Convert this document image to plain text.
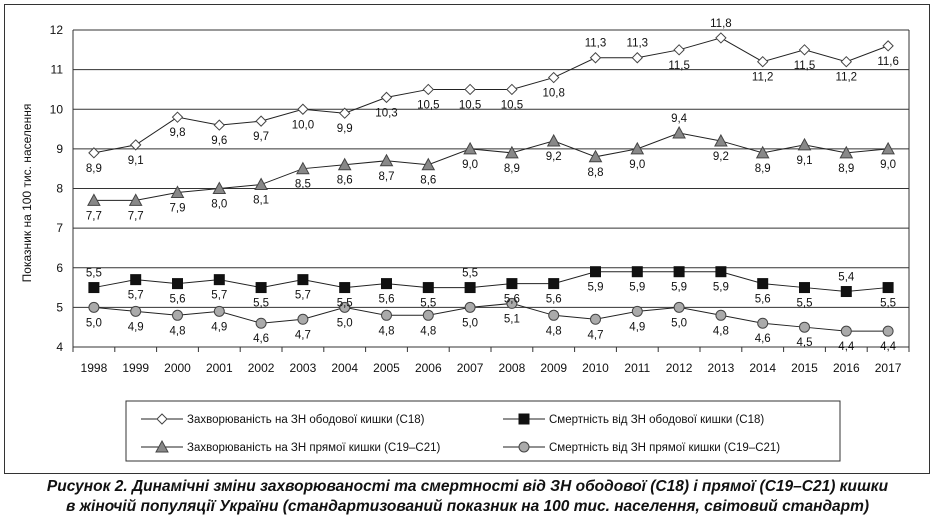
4
5
6
7
8
9
10
11
12
1998 1999 2000 2001 2002 2003 2004 2005 2006 2007 2008 2009 2010 2011 2012 2013 2014 2015 2016 2017
Показник на 100 тис. населення	8,9
9,1
9,8
9,6 9,7
10,0 9,9
10,3
10,5 10,5 10,5
10,8
11,3 11,3
11,5
11,8
11,2
11,5
11,2
11,6
7,7 7,7
7,9 8,0 8,1
8,5 8,6 8,7 8,6
9,0 8,9
9,2
8,8
9,0
9,4
9,2
8,9
9,1
8,9 9,0
5,5
5,7 5,6 5,7
5,5
5,7
5,5 5,6 5,5
5,5
5,6 5,6
5,9 5,9 5,9 5,9
5,6 5,5
5,4
5,5
5,0 4,9 4,8 4,9
4,6 4,7
5,0
4,8 4,8
5,0 5,1
4,8 4,7
4,9 5,0
4,8
4,6 4,5 4,4 4,4
Захворюваність на ЗН ободової кишки (С18)	Смертність від ЗН ободової кишки (С18)
Захворюваність на ЗН прямої кишки (С19–С21)	Смертність від ЗН прямої кишки (С19–С21)
Рисунок 2. Динамічні зміни захворюваності та смертності від ЗН ободової (С18) і прямої (С19–С21) кишки
в жіночій популяції України (стандартизований показник на 100 тис. населення, світовий стандарт)
